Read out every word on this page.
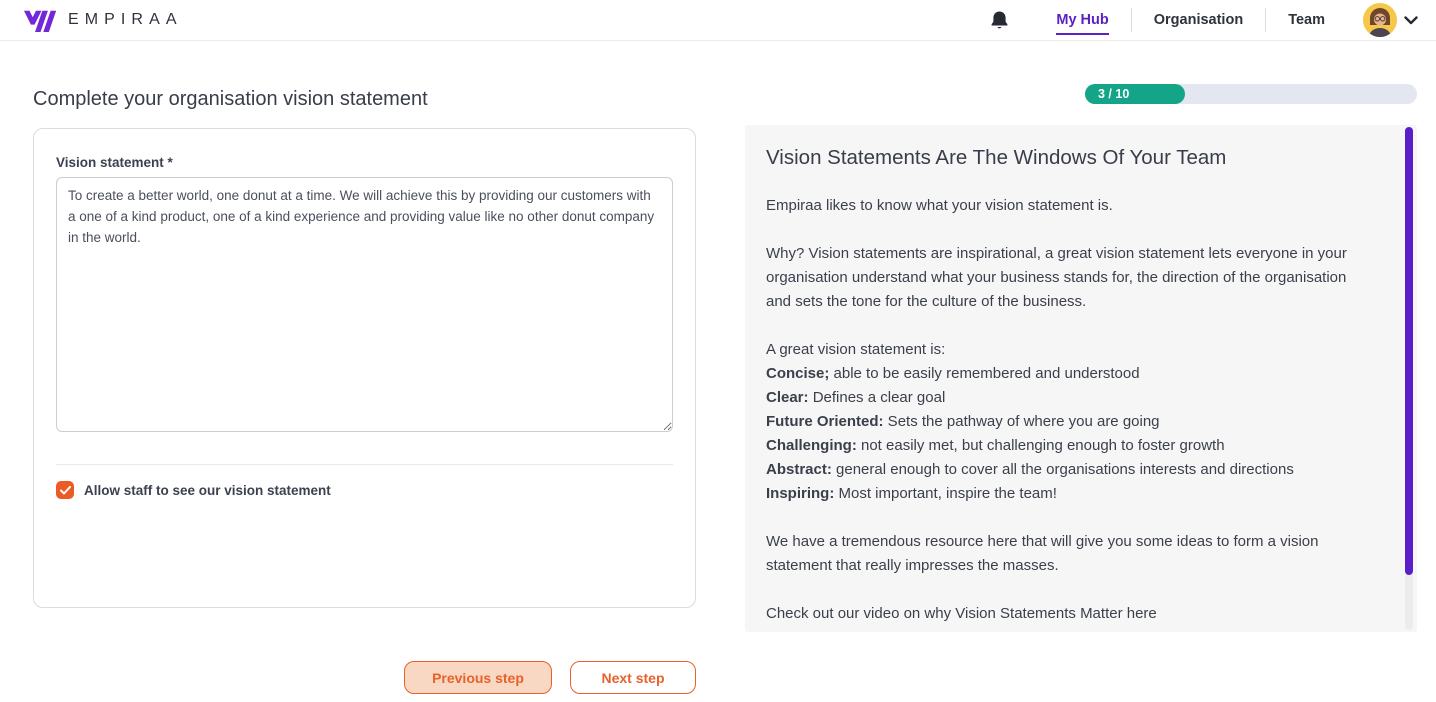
EMPIRAA	My Hub	Organisation	Team
Complete your organisation vision statement	3 / 10
Vision statement *
To create a better world, one donut at a time. We will achieve this by providing our customers with a one of a kind product, one of a kind experience and providing value like no other donut company in the world.
Allow staff to see our vision statement
Vision Statements Are The Windows Of Your Team

Empiraa likes to know what your vision statement is.

Why? Vision statements are inspirational, a great vision statement lets everyone in your organisation understand what your business stands for, the direction of the organisation and sets the tone for the culture of the business.

A great vision statement is:
Concise; able to be easily remembered and understood
Clear: Defines a clear goal
Future Oriented: Sets the pathway of where you are going
Challenging: not easily met, but challenging enough to foster growth
Abstract: general enough to cover all the organisations interests and directions
Inspiring: Most important, inspire the team!

We have a tremendous resource here that will give you some ideas to form a vision statement that really impresses the masses.

Check out our video on why Vision Statements Matter here

Previous step	Next step
